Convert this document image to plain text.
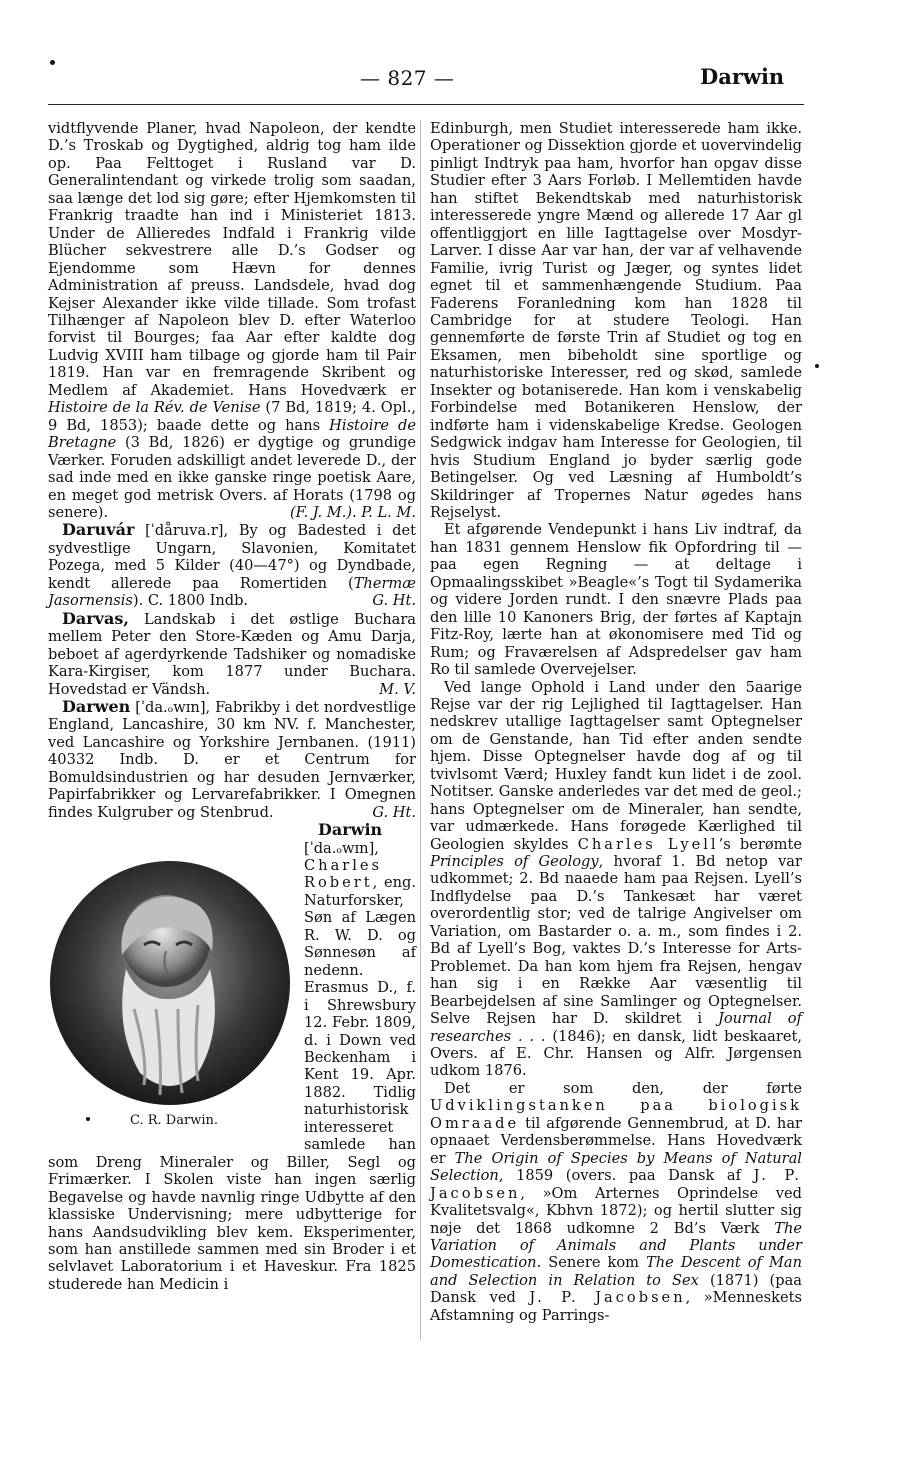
— 827 —	Darwin

vidtflyvende Planer, hvad Napoleon, der kendte D.’s Troskab og Dygtighed, aldrig tog ham ilde op. Paa Felttoget i Rusland var D. Generalintendant og virkede trolig som saadan, saa længe det lod sig gøre; efter Hjemkomsten til Frankrig traadte han ind i Ministeriet 1813. Under de Allieredes Indfald i Frankrig vilde Blücher sekvestrere alle D.’s Godser og Ejendomme som Hævn for dennes Administration af preuss. Landsdele, hvad dog Kejser Alexander ikke vilde tillade. Som trofast Tilhænger af Napoleon blev D. efter Waterloo forvist til Bourges; faa Aar efter kaldte dog Ludvig XVIII ham tilbage og gjorde ham til Pair 1819. Han var en fremragende Skribent og Medlem af Akademiet. Hans Hovedværk er Histoire de la Rév. de Venise (7 Bd, 1819; 4. Opl., 9 Bd, 1853); baade dette og hans Histoire de Bretagne (3 Bd, 1826) er dygtige og grundige Værker. Foruden adskilligt andet leverede D., der sad inde med en ikke ganske ringe poetisk Aare, en meget god metrisk Overs. af Horats (1798 og senere).	(F. J. M.). P. L. M.

Daruvár [ˈdåruva.r], By og Badested i det sydvestlige Ungarn, Slavonien, Komitatet Pozega, med 5 Kilder (40—47°) og Dyndbade, kendt allerede paa Romertiden (Thermæ Jasornensis). C. 1800 Indb.	G. Ht.

Darvas, Landskab i det østlige Buchara mellem Peter den Store-Kæden og Amu Darja, beboet af agerdyrkende Tadshiker og nomadiske Kara-Kirgiser, kom 1877 under Buchara. Hovedstad er Vändsh.	M. V.

Darwen [ˈda.ₒwɪn], Fabrikby i det nordvestlige England, Lancashire, 30 km NV. f. Manchester, ved Lancashire og Yorkshire Jernbanen. (1911) 40332 Indb. D. er et Centrum for Bomuldsindustrien og har desuden Jernværker, Papirfabrikker og Lervarefabrikker. I Omegnen findes Kulgruber og Stenbrud.	G. Ht.

C. R. Darwin.
Darwin [ˈda.ₒwɪn], Charles Robert, eng. Naturforsker, Søn af Lægen R. W. D. og Sønnesøn af nedenn. Erasmus D., f. i Shrewsbury 12. Febr. 1809, d. i Down ved Beckenham i Kent 19. Apr. 1882. Tidlig naturhistorisk interesseret samlede han som Dreng Mineraler og Biller, Segl og Frimærker. I Skolen viste han ingen særlig Begavelse og havde navnlig ringe Udbytte af den klassiske Undervisning; mere udbytterige for hans Aandsudvikling blev kem. Eksperimenter, som han anstillede sammen med sin Broder i et selvlavet Laboratorium i et Haveskur. Fra 1825 studerede han Medicin i

Edinburgh, men Studiet interesserede ham ikke. Operationer og Dissektion gjorde et uovervindelig pinligt Indtryk paa ham, hvorfor han opgav disse Studier efter 3 Aars Forløb. I Mellemtiden havde han stiftet Bekendtskab med naturhistorisk interesserede yngre Mænd og allerede 17 Aar gl offentliggjort en lille Iagttagelse over Mosdyr-Larver. I disse Aar var han, der var af velhavende Familie, ivrig Turist og Jæger, og syntes lidet egnet til et sammenhængende Studium. Paa Faderens Foranledning kom han 1828 til Cambridge for at studere Teologi. Han gennemførte de første Trin af Studiet og tog en Eksamen, men bibeholdt sine sportlige og naturhistoriske Interesser, red og skød, samlede Insekter og botaniserede. Han kom i venskabelig Forbindelse med Botanikeren Henslow, der indførte ham i videnskabelige Kredse. Geologen Sedgwick indgav ham Interesse for Geologien, til hvis Studium England jo byder særlig gode Betingelser. Og ved Læsning af Humboldt’s Skildringer af Tropernes Natur øgedes hans Rejselyst.

Et afgørende Vendepunkt i hans Liv indtraf, da han 1831 gennem Henslow fik Opfordring til — paa egen Regning — at deltage i Opmaalingsskibet »Beagle«’s Togt til Sydamerika og videre Jorden rundt. I den snævre Plads paa den lille 10 Kanoners Brig, der førtes af Kaptajn Fitz-Roy, lærte han at økonomisere med Tid og Rum; og Fraværelsen af Adspredelser gav ham Ro til samlede Overvejelser.

Ved lange Ophold i Land under den 5aarige Rejse var der rig Lejlighed til Iagttagelser. Han nedskrev utallige Iagttagelser samt Optegnelser om de Genstande, han Tid efter anden sendte hjem. Disse Optegnelser havde dog af og til tvivlsomt Værd; Huxley fandt kun lidet i de zool. Notitser. Ganske anderledes var det med de geol.; hans Optegnelser om de Mineraler, han sendte, var udmærkede. Hans forøgede Kærlighed til Geologien skyldes Charles Lyell’s berømte Principles of Geology, hvoraf 1. Bd netop var udkommet; 2. Bd naaede ham paa Rejsen. Lyell’s Indflydelse paa D.’s Tankesæt har været overordentlig stor; ved de talrige Angivelser om Variation, om Bastarder o. a. m., som findes i 2. Bd af Lyell’s Bog, vaktes D.’s Interesse for Arts-Problemet. Da han kom hjem fra Rejsen, hengav han sig i en Række Aar væsentlig til Bearbejdelsen af sine Samlinger og Optegnelser. Selve Rejsen har D. skildret i Journal of researches . . . (1846); en dansk, lidt beskaaret, Overs. af E. Chr. Hansen og Alfr. Jørgensen udkom 1876.

Det er som den, der førte Udviklingstanken paa biologisk Omraade til afgørende Gennembrud, at D. har opnaaet Verdensberømmelse. Hans Hovedværk er The Origin of Species by Means of Natural Selection, 1859 (overs. paa Dansk af J. P. Jacobsen, »Om Arternes Oprindelse ved Kvalitetsvalg«, Kbhvn 1872); og hertil slutter sig nøje det 1868 udkomne 2 Bd’s Værk The Variation of Animals and Plants under Domestication. Senere kom The Descent of Man and Selection in Relation to Sex (1871) (paa Dansk ved J. P. Jacobsen, »Menneskets Afstamning og Parrings-
